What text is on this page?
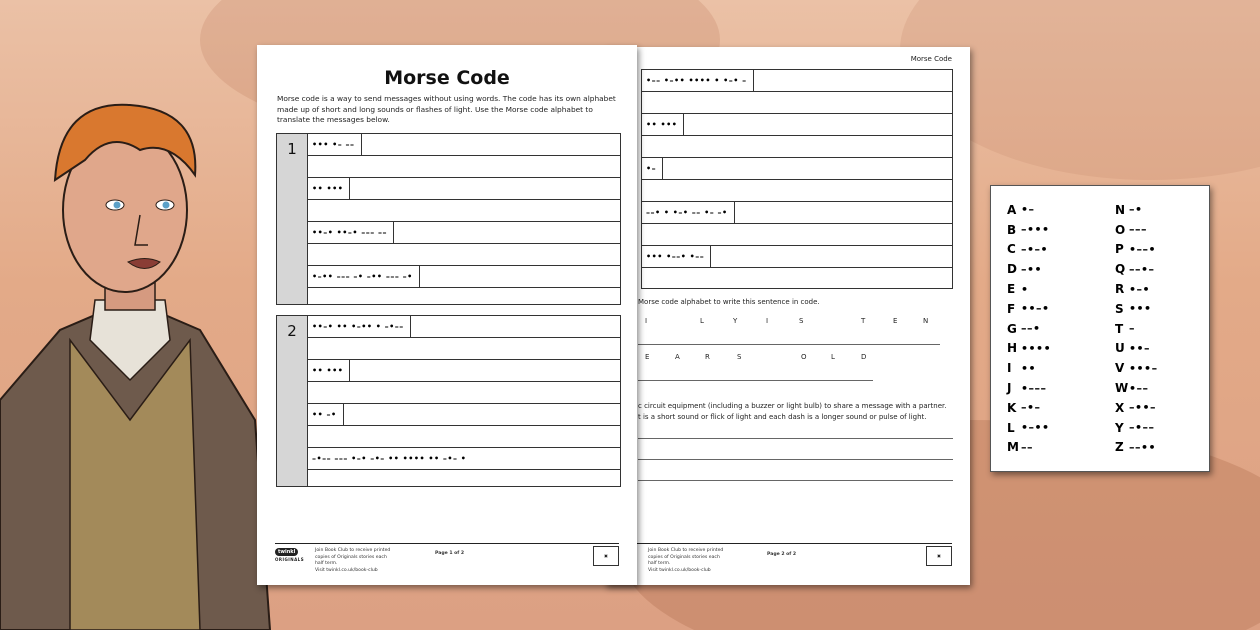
Morse Code
Morse code is a way to send messages without using words. The code has its own alphabet made up of short and long sounds or flashes of light. Use the Morse code alphabet to translate the messages below.
1	••• •– ––
•• •••
••–• ••–• ––– ––
•–•• ––– –• –•• ––– –•
2	••–• •• •–•• • –•––
•• •••
•• –•
–•–– ––– •–• –•– •• •••• •• –•– •
twinkl
ORIGINALS
Join Book Club to receive printed copies of Originals stories each half term.
Visit twinkl.co.uk/book-club
Page 1 of 2	▣
Morse Code
•–– •–•• •••• • •–• –
•• •••
•–
––• • •–• –– •– –•
••• •––• •––
Morse code alphabet to write this sentence in code.
I	L	Y	I	S	T	E	N
E	A	R	S	O	L	D
c circuit equipment (including a buzzer or light bulb) to share a message with a partner.
t is a short sound or flick of light and each dash is a longer sound or pulse of light.
Join Book Club to receive printed copies of Originals stories each half term.
Visit twinkl.co.uk/book-club
Page 2 of 2	▣
A •–
B –•••
C –•–•
D –••
E •
F ••–•
G ––•
H ••••
I ••
J •–––
K –•–
L •–••
M ––
N –•
O –––
P •––•
Q ––•–
R •–•
S •••
T –
U ••–
V •••–
W •––
X –••–
Y –•––
Z ––••
